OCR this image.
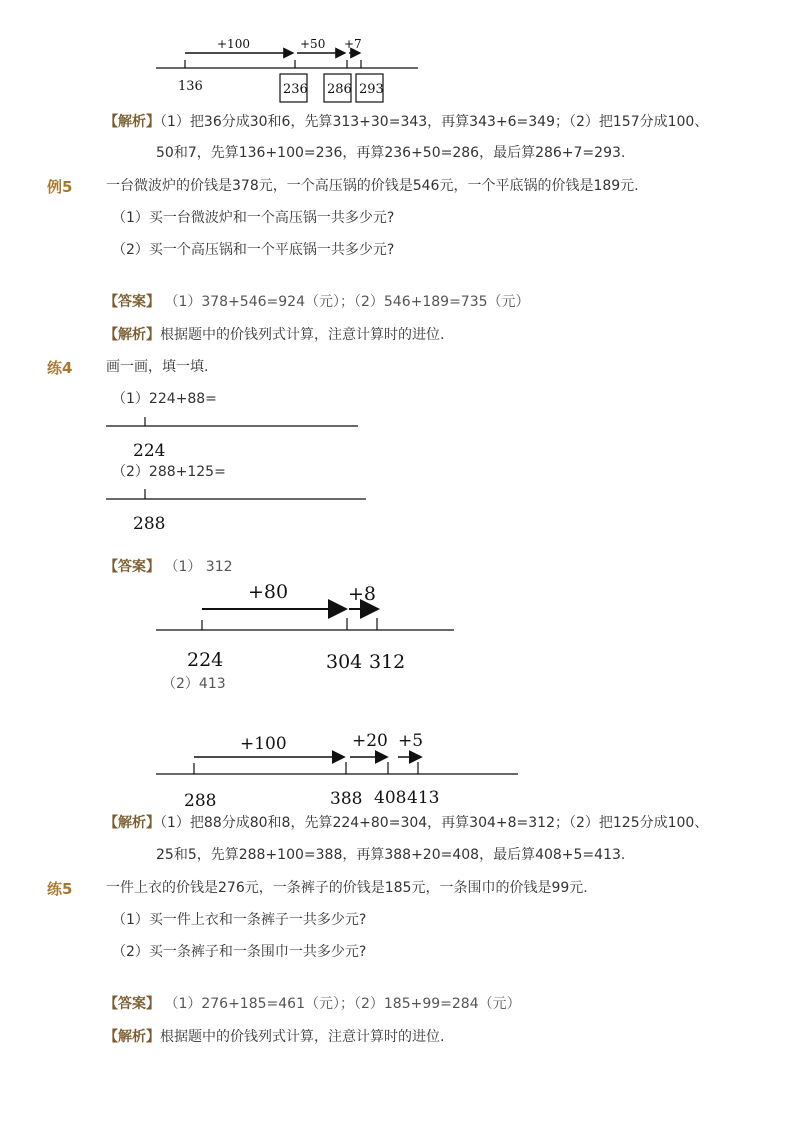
+100	+50 +7
136	236 286 293
【解析】（1）把36分成30和6，先算313+30=343，再算343+6=349；（2）把157分成100、
50和7，先算136+100=236，再算236+50=286，最后算286+7=293.
例5 一台微波炉的价钱是378元，一个高压锅的价钱是546元，一个平底锅的价钱是189元.
（1）买一台微波炉和一个高压锅一共多少元?
（2）买一个高压锅和一个平底锅一共多少元?
【答案】 （1）378+546=924（元）；（2）546+189=735（元）
【解析】根据题中的价钱列式计算，注意计算时的进位.
练4 画一画，填一填.
（1）224+88=
224
（2）288+125=
288
【答案】 （1） 312
+80	+8
224	304 312
（2）413
+100	+20 +5
288	388 408 413
【解析】（1）把88分成80和8，先算224+80=304，再算304+8=312；（2）把125分成100、
25和5，先算288+100=388，再算388+20=408，最后算408+5=413.
练5 一件上衣的价钱是276元，一条裤子的价钱是185元，一条围巾的价钱是99元.
（1）买一件上衣和一条裤子一共多少元?
（2）买一条裤子和一条围巾一共多少元?
【答案】 （1）276+185=461（元）；（2）185+99=284（元）
【解析】根据题中的价钱列式计算，注意计算时的进位.
